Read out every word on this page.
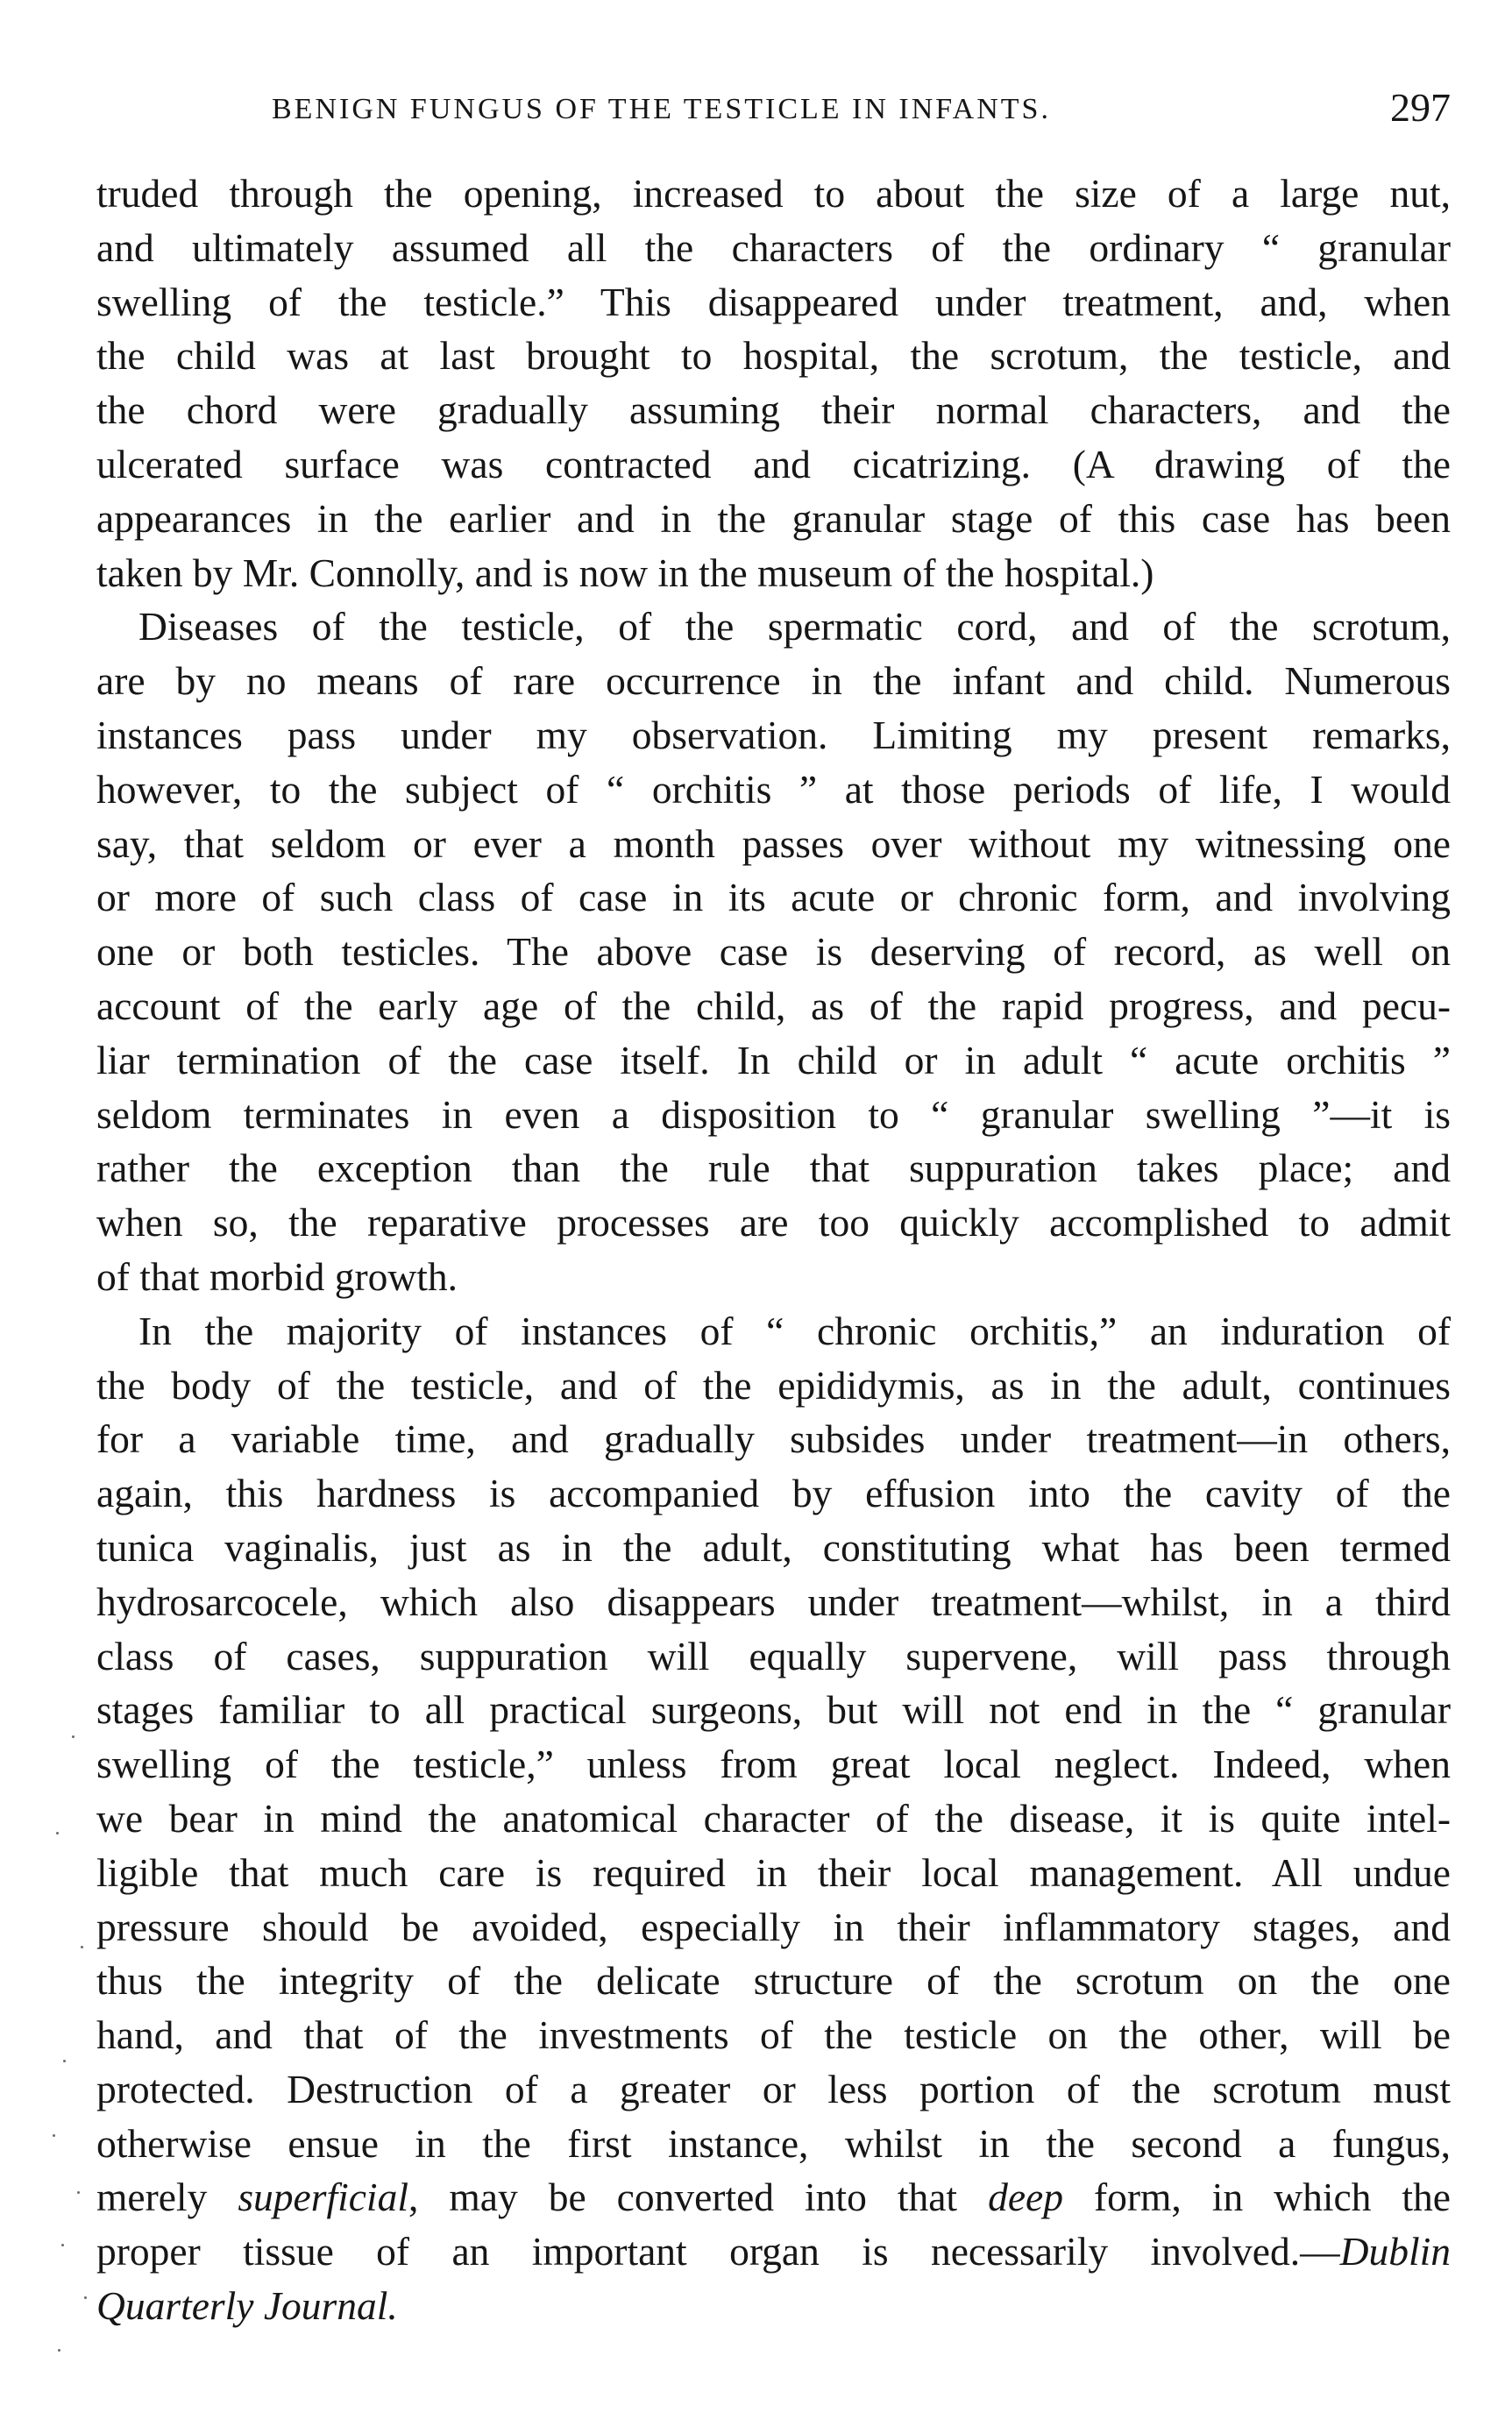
BENIGN FUNGUS OF THE TESTICLE IN INFANTS.	297
truded through the opening, increased to about the size of a large nut,
and ultimately assumed all the characters of the ordinary “ granular
swelling of the testicle.” This disappeared under treatment, and, when
the child was at last brought to hospital, the scrotum, the testicle, and
the chord were gradually assuming their normal characters, and the
ulcerated surface was contracted and cicatrizing. (A drawing of the
appearances in the earlier and in the granular stage of this case has been
taken by Mr. Connolly, and is now in the museum of the hospital.)
Diseases of the testicle, of the spermatic cord, and of the scrotum,
are by no means of rare occurrence in the infant and child. Numerous
instances pass under my observation. Limiting my present remarks,
however, to the subject of “ orchitis ” at those periods of life, I would
say, that seldom or ever a month passes over without my witnessing one
or more of such class of case in its acute or chronic form, and involving
one or both testicles. The above case is deserving of record, as well on
account of the early age of the child, as of the rapid progress, and pecu-
liar termination of the case itself. In child or in adult “ acute orchitis ”
seldom terminates in even a disposition to “ granular swelling ”—it is
rather the exception than the rule that suppuration takes place; and
when so, the reparative processes are too quickly accomplished to admit
of that morbid growth.
In the majority of instances of “ chronic orchitis,” an induration of
the body of the testicle, and of the epididymis, as in the adult, continues
for a variable time, and gradually subsides under treatment—in others,
again, this hardness is accompanied by effusion into the cavity of the
tunica vaginalis, just as in the adult, constituting what has been termed
hydrosarcocele, which also disappears under treatment—whilst, in a third
class of cases, suppuration will equally supervene, will pass through
stages familiar to all practical surgeons, but will not end in the “ granular
swelling of the testicle,” unless from great local neglect. Indeed, when
we bear in mind the anatomical character of the disease, it is quite intel-
ligible that much care is required in their local management. All undue
pressure should be avoided, especially in their inflammatory stages, and
thus the integrity of the delicate structure of the scrotum on the one
hand, and that of the investments of the testicle on the other, will be
protected. Destruction of a greater or less portion of the scrotum must
otherwise ensue in the first instance, whilst in the second a fungus,
merely superficial, may be converted into that deep form, in which the
proper tissue of an important organ is necessarily involved.—Dublin
Quarterly Journal.
